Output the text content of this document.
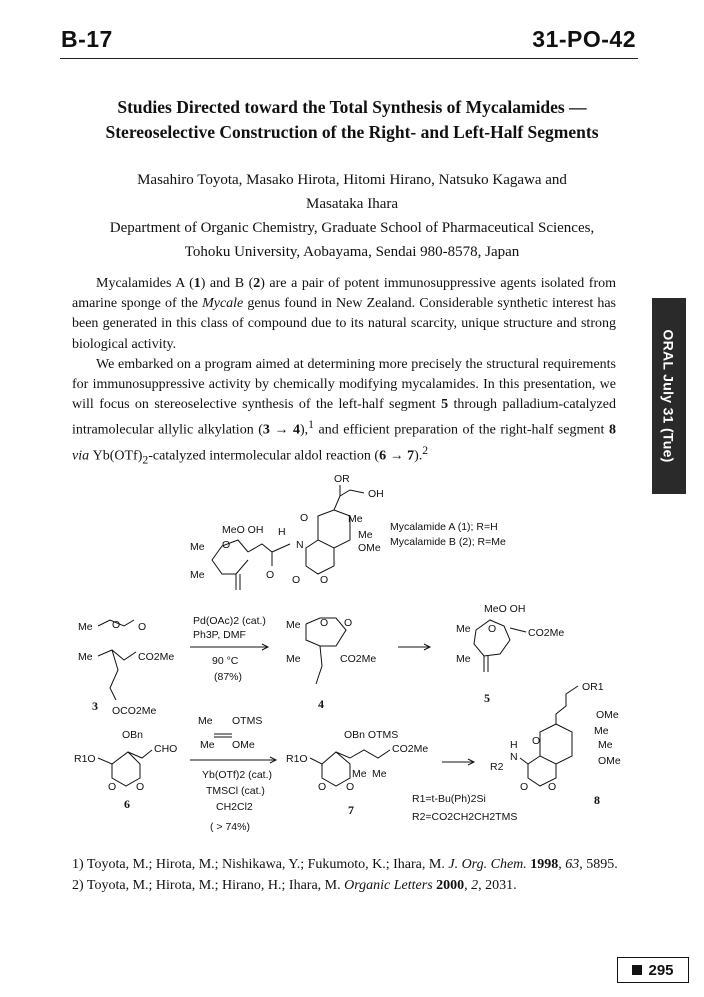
B-17	31-PO-42
Studies Directed toward the Total Synthesis of Mycalamides —
Stereoselective Construction of the Right- and Left-Half Segments
Masahiro Toyota, Masako Hirota, Hitomi Hirano, Natsuko Kagawa and
Masataka Ihara
Department of Organic Chemistry, Graduate School of Pharmaceutical Sciences,
Tohoku University, Aobayama, Sendai 980-8578, Japan

Mycalamides A (1) and B (2) are a pair of potent immunosuppressive agents isolated from amarine sponge of the Mycale genus found in New Zealand. Considerable synthetic interest has been generated in this class of compound due to its natural scarcity, unique structure and strong biological activity.

We embarked on a program aimed at determining more precisely the structural requirements for immunosuppressive activity by chemically modifying mycalamides. In this presentation, we will focus on stereoselective synthesis of the left-half segment 5 through palladium-catalyzed intramolecular allylic alkylation (3 → 4),$^1$ and efficient preparation of the right-half segment 8 via $Yb(OTf)_2$-catalyzed intermolecular aldol reaction (6 → 7).$^2$	ORAL July 31 (Tue)
OR
OH
O	Me
Me
OMe
O O
N
H
O
MeO OH
O
Me
Me
Mycalamide A (1); R=H
Mycalamide B (2); R=Me
Me O O
Me	CO2Me
3 OCO2Me
Pd(OAc)2 (cat.)
Ph3P, DMF
90 °C
(87%)
Me O O
Me	CO2Me
4
MeO OH
O	CO2Me
Me
Me
5
OBn
R1O
CHO
O O
6
Me OTMS
Me OMe
Yb(OTf)2 (cat.)
TMSCl (cat.)
CH2Cl2
( > 74%)
OBn OTMS
R1O
CO2Me
O O
Me Me
7
OR1
OMe
Me
Me
OMe
O
O O
H
N
R2
8
R1=t-Bu(Ph)2Si
R2=CO2CH2CH2TMS
1) Toyota, M.; Hirota, M.; Nishikawa, Y.; Fukumoto, K.; Ihara, M. J. Org. Chem. 1998, 63, 5895.
2) Toyota, M.; Hirota, M.; Hirano, H.; Ihara, M. Organic Letters 2000, 2, 2031.
295
